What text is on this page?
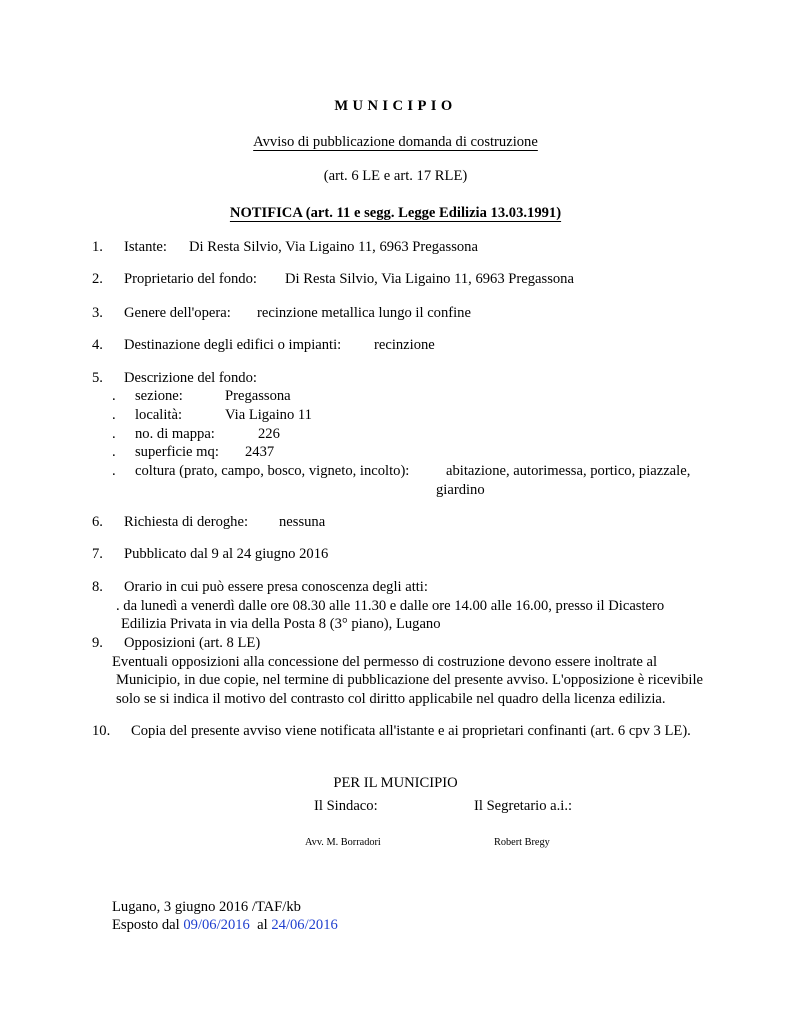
MUNICIPIO
Avviso di pubblicazione domanda di costruzione
(art. 6 LE e art. 17 RLE)
NOTIFICA (art. 11 e segg. Legge Edilizia 13.03.1991)
1. Istante: Di Resta Silvio, Via Ligaino 11, 6963 Pregassona
2. Proprietario del fondo: Di Resta Silvio, Via Ligaino 11, 6963 Pregassona
3. Genere dell'opera: recinzione metallica lungo il confine
4. Destinazione degli edifici o impianti: recinzione
5. Descrizione del fondo:
. sezione:	Pregassona
. località:	Via Ligaino 11
. no. di mappa:	226
. superficie mq: 2437
. coltura (prato, campo, bosco, vigneto, incolto):	abitazione, autorimessa, portico, piazzale,
giardino
6. Richiesta di deroghe: nessuna
7. Pubblicato dal 9 al 24 giugno 2016
8. Orario in cui può essere presa conoscenza degli atti:
. da lunedì a venerdì dalle ore 08.30 alle 11.30 e dalle ore 14.00 alle 16.00, presso il Dicastero
Edilizia Privata in via della Posta 8 (3° piano), Lugano
9. Opposizioni (art. 8 LE)
Eventuali opposizioni alla concessione del permesso di costruzione devono essere inoltrate al
Municipio, in due copie, nel termine di pubblicazione del presente avviso. L'opposizione è ricevibile
solo se si indica il motivo del contrasto col diritto applicabile nel quadro della licenza edilizia.
10. Copia del presente avviso viene notificata all'istante e ai proprietari confinanti (art. 6 cpv 3 LE).
PER IL MUNICIPIO
Il Sindaco:	Il Segretario a.i.:
Avv. M. Borradori	Robert Bregy
Lugano, 3 giugno 2016 /TAF/kb
Esposto dal 09/06/2016 al 24/06/2016
